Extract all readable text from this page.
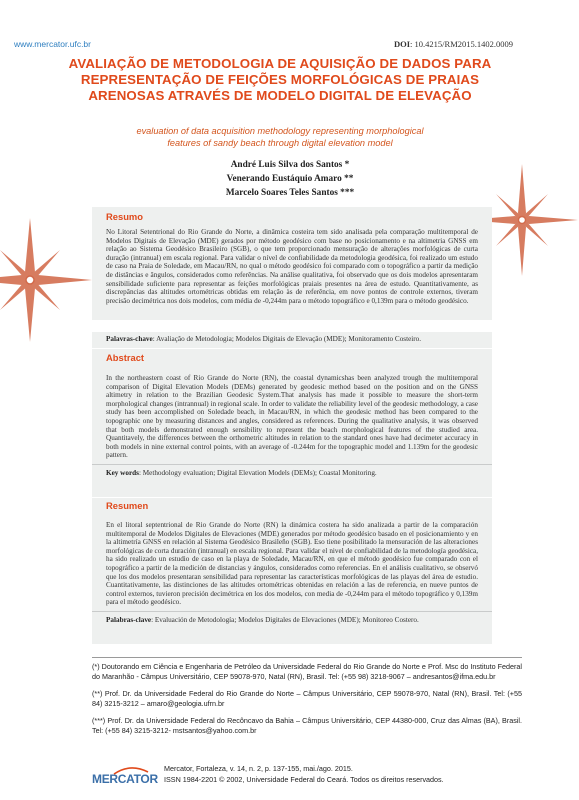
www.mercator.ufc.br	DOI: 10.4215/RM2015.1402.0009
AVALIAÇÃO DE METODOLOGIA DE AQUISIÇÃO DE DADOS PARA
REPRESENTAÇÃO DE FEIÇÕES MORFOLÓGICAS DE PRAIAS
ARENOSAS ATRAVÉS DE MODELO DIGITAL DE ELEVAÇÃO
evaluation of data acquisition methodology representing morphological
features of sandy beach through digital elevation model
André Luis Silva dos Santos *
Venerando Eustáquio Amaro **
Marcelo Soares Teles Santos ***
Resumo

No Litoral Setentrional do Rio Grande do Norte, a dinâmica costeira tem sido analisada pela comparação multitemporal de Modelos Digitais de Elevação (MDE) gerados por método geodésico com base no posicionamento e na altimetria GNSS em relação ao Sistema Geodésico Brasileiro (SGB), o que tem proporcionado mensuração de alterações morfológicas de curta duração (intranual) em escala regional. Para validar o nível de confiabilidade da metodologia geodésica, foi realizado um estudo de caso na Praia de Soledade, em Macau/RN, no qual o método geodésico foi comparado com o topográfico a partir da medição de distâncias e ângulos, considerados como referências. Na análise qualitativa, foi observado que os dois modelos apresentaram sensibilidade suficiente para representar as feições morfológicas praiais presentes na área de estudo. Quantitativamente, as discrepâncias das altitudes ortométricas obtidas em relação às de referência, em nove pontos de controle externos, tiveram precisão decimétrica nos dois modelos, com média de -0,244m para o método topográfico e 0,139m para o método geodésico.

Palavras-chave: Avaliação de Metodologia; Modelos Digitais de Elevação (MDE); Monitoramento Costeiro.

Abstract

In the northeastern coast of Rio Grande do Norte (RN), the coastal dynamicshas been analyzed trough the multitemporal comparison of Digital Elevation Models (DEMs) generated by geodesic method based on the position and on the GNSS altimetry in relation to the Brazilian Geodesic System.That analysis has made it possible to measure the short-term morphological changes (intrannual) in regional scale. In order to validate the reliability level of the geodesic methodology, a case study has been accomplished on Soledade beach, in Macau/RN, in which the geodesic method has been compared to the topographic one by measuring distances and angles, considered as references. During the qualitative analysis, it was observed that both models demonstrated enough sensibility to represent the beach morphological features of the studied area. Quantitavely, the differences between the orthometric altitudes in relation to the standard ones have had decimeter accuracy in both models in nine external control points, with an average of -0.244m for the topographic model and 1.139m for the geodesic pattern.

Key words: Methodology evaluation; Digital Elevation Models (DEMs); Coastal Monitoring.

Resumen

En el litoral septentrional de Rio Grande do Norte (RN) la dinámica costera ha sido analizada a partir de la comparación multitemporal de Modelos Digitales de Elevaciones (MDE) generados por método geodésico basado en el posicionamiento y en la altimetría GNSS en relación al Sistema Geodésico Brasileño (SGB). Eso tiene posibilitado la mensuración de las alteraciones morfológicas de corta duración (intranual) en escala regional. Para validar el nivel de confiabilidad de la metodología geodésica, ha sido realizado un estudio de caso en la playa de Soledade, Macau/RN, en que el método geodésico fue comparado con el topográfico a partir de la medición de distancias y ángulos, considerados como referencias. En el análisis cualitativo, se observó que los dos modelos presentaran sensibilidad para representar las características morfológicas de las playas del área de estudio. Cuantitativamente, las distinciones de las altitudes ortométricas obtenidas en relación a las de referencia, en nueve puntos de control externos, tuvieron precisión decimétrica en los dos modelos, con media de -0,244m para el método topográfico y 0,139m para el método geodésico.

Palabras-clave: Evaluación de Metodología; Modelos Digitales de Elevaciones (MDE); Monitoreo Costero.

(*) Doutorando em Ciência e Engenharia de Petróleo da Universidade Federal do Rio Grande do Norte e Prof. Msc do Instituto Federal do Maranhão - Câmpus Universitário, CEP 59078-970, Natal (RN), Brasil. Tel: (+55 98) 3218-9067 – andresantos@ifma.edu.br

(**) Prof. Dr. da Universidade Federal do Rio Grande do Norte – Câmpus Universitário, CEP 59078-970, Natal (RN), Brasil. Tel: (+55 84) 3215-3212 – amaro@geologia.ufrn.br

(***) Prof. Dr. da Universidade Federal do Recôncavo da Bahia – Câmpus Universitário, CEP 44380-000, Cruz das Almas (BA), Brasil. Tel: (+55 84) 3215-3212- mstsantos@yahoo.com.br

MERCATOR
Mercator, Fortaleza, v. 14, n. 2, p. 137-155, mai./ago. 2015.
ISSN 1984-2201 © 2002, Universidade Federal do Ceará. Todos os direitos reservados.
